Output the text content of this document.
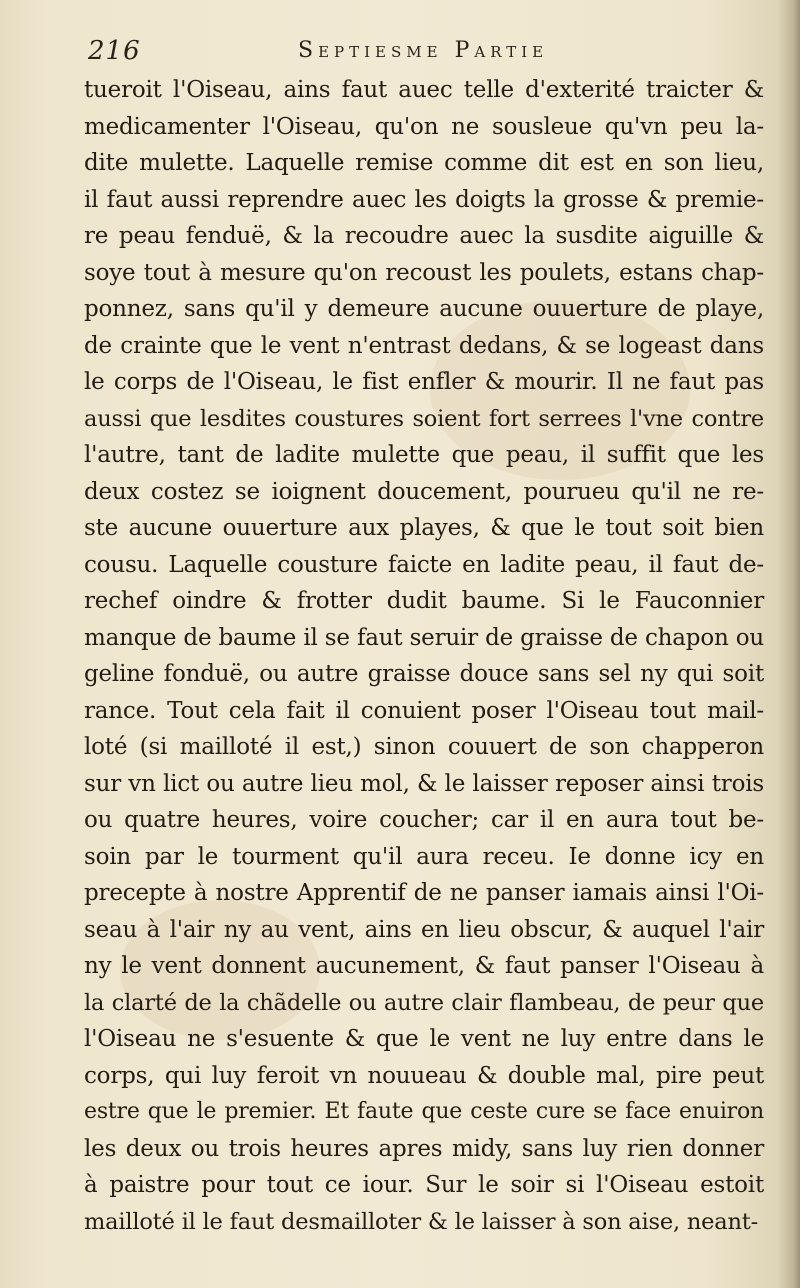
216	Septiesme Partie
tueroit l'Oiseau, ains faut auec telle d'exterité traicter &
medicamenter l'Oiseau, qu'on ne sousleue qu'vn peu la-
dite mulette. Laquelle remise comme dit est en son lieu,
il faut aussi reprendre auec les doigts la grosse & premie-
re peau fenduë, & la recoudre auec la susdite aiguille &
soye tout à mesure qu'on recoust les poulets, estans chap-
ponnez, sans qu'il y demeure aucune ouuerture de playe,
de crainte que le vent n'entrast dedans, & se logeast dans
le corps de l'Oiseau, le fist enfler & mourir. Il ne faut pas
aussi que lesdites coustures soient fort serrees l'vne contre
l'autre, tant de ladite mulette que peau, il suffit que les
deux costez se ioignent doucement, pourueu qu'il ne re-
ste aucune ouuerture aux playes, & que le tout soit bien
cousu. Laquelle cousture faicte en ladite peau, il faut de-
rechef oindre & frotter dudit baume. Si le Fauconnier
manque de baume il se faut seruir de graisse de chapon ou
geline fonduë, ou autre graisse douce sans sel ny qui soit
rance. Tout cela fait il conuient poser l'Oiseau tout mail-
loté (si mailloté il est,) sinon couuert de son chapperon
sur vn lict ou autre lieu mol, & le laisser reposer ainsi trois
ou quatre heures, voire coucher; car il en aura tout be-
soin par le tourment qu'il aura receu. Ie donne icy en
precepte à nostre Apprentif de ne panser iamais ainsi l'Oi-
seau à l'air ny au vent, ains en lieu obscur, & auquel l'air
ny le vent donnent aucunement, & faut panser l'Oiseau à
la clarté de la chãdelle ou autre clair flambeau, de peur que
l'Oiseau ne s'esuente & que le vent ne luy entre dans le
corps, qui luy feroit vn nouueau & double mal, pire peut
estre que le premier. Et faute que ceste cure se face enuiron
les deux ou trois heures apres midy, sans luy rien donner
à paistre pour tout ce iour. Sur le soir si l'Oiseau estoit
mailloté il le faut desmailloter & le laisser à son aise, neant-
